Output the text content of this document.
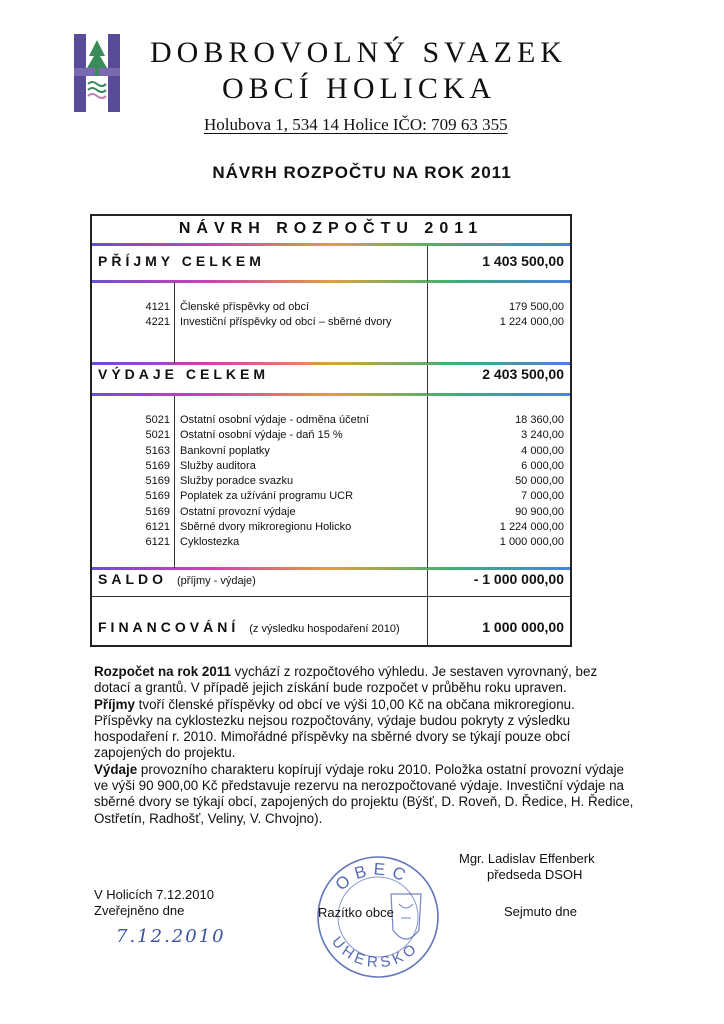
DOBROVOLNÝ SVAZEK
OBCÍ HOLICKA
Holubova 1, 534 14 Holice IČO: 709 63 355
NÁVRH ROZPOČTU NA ROK 2011
NÁVRH ROZPOČTU 2011
PŘÍJMY CELKEM	1 403 500,00
4121 Členské příspěvky od obcí	179 500,00
4221 Investiční příspěvky od obcí – sběrné dvory	1 224 000,00
VÝDAJE CELKEM	2 403 500,00
5021 Ostatní osobní výdaje - odměna účetní	18 360,00
5021 Ostatní osobní výdaje - daň 15 %	3 240,00
5163 Bankovní poplatky	4 000,00
5169 Služby auditora	6 000,00
5169 Služby poradce svazku	50 000,00
5169 Poplatek za užívání programu UCR	7 000,00
5169 Ostatní provozní výdaje	90 900,00
6121 Sběrné dvory mikroregionu Holicko	1 224 000,00
6121 Cyklostezka	1 000 000,00
SALDO (příjmy - výdaje)	- 1 000 000,00
FINANCOVÁNÍ (z výsledku hospodaření 2010)	1 000 000,00

Rozpočet na rok 2011 vychází z rozpočtového výhledu. Je sestaven vyrovnaný, bez dotací a grantů. V případě jejich získání bude rozpočet v průběhu roku upraven.

Příjmy tvoří členské příspěvky od obcí ve výši 10,00 Kč na občana mikroregionu. Příspěvky na cyklostezku nejsou rozpočtovány, výdaje budou pokryty z výsledku hospodaření r. 2010. Mimořádné příspěvky na sběrné dvory se týkají pouze obcí zapojených do projektu.

Výdaje provozního charakteru kopírují výdaje roku 2010. Položka ostatní provozní výdaje ve výši 90 900,00 Kč představuje rezervu na nerozpočtované výdaje. Investiční výdaje na sběrné dvory se týkají obcí, zapojených do projektu (Býšť, D. Roveň, D. Ředice, H. Ředice, Ostřetín, Radhošť, Veliny, V. Chvojno).

Mgr. Ladislav Effenberk
předseda DSOH
V Holicích 7.12.2010
Zveřejněno dne
7.12.2010
Sejmuto dne
OBEC
UHERSKO
Razítko obce
